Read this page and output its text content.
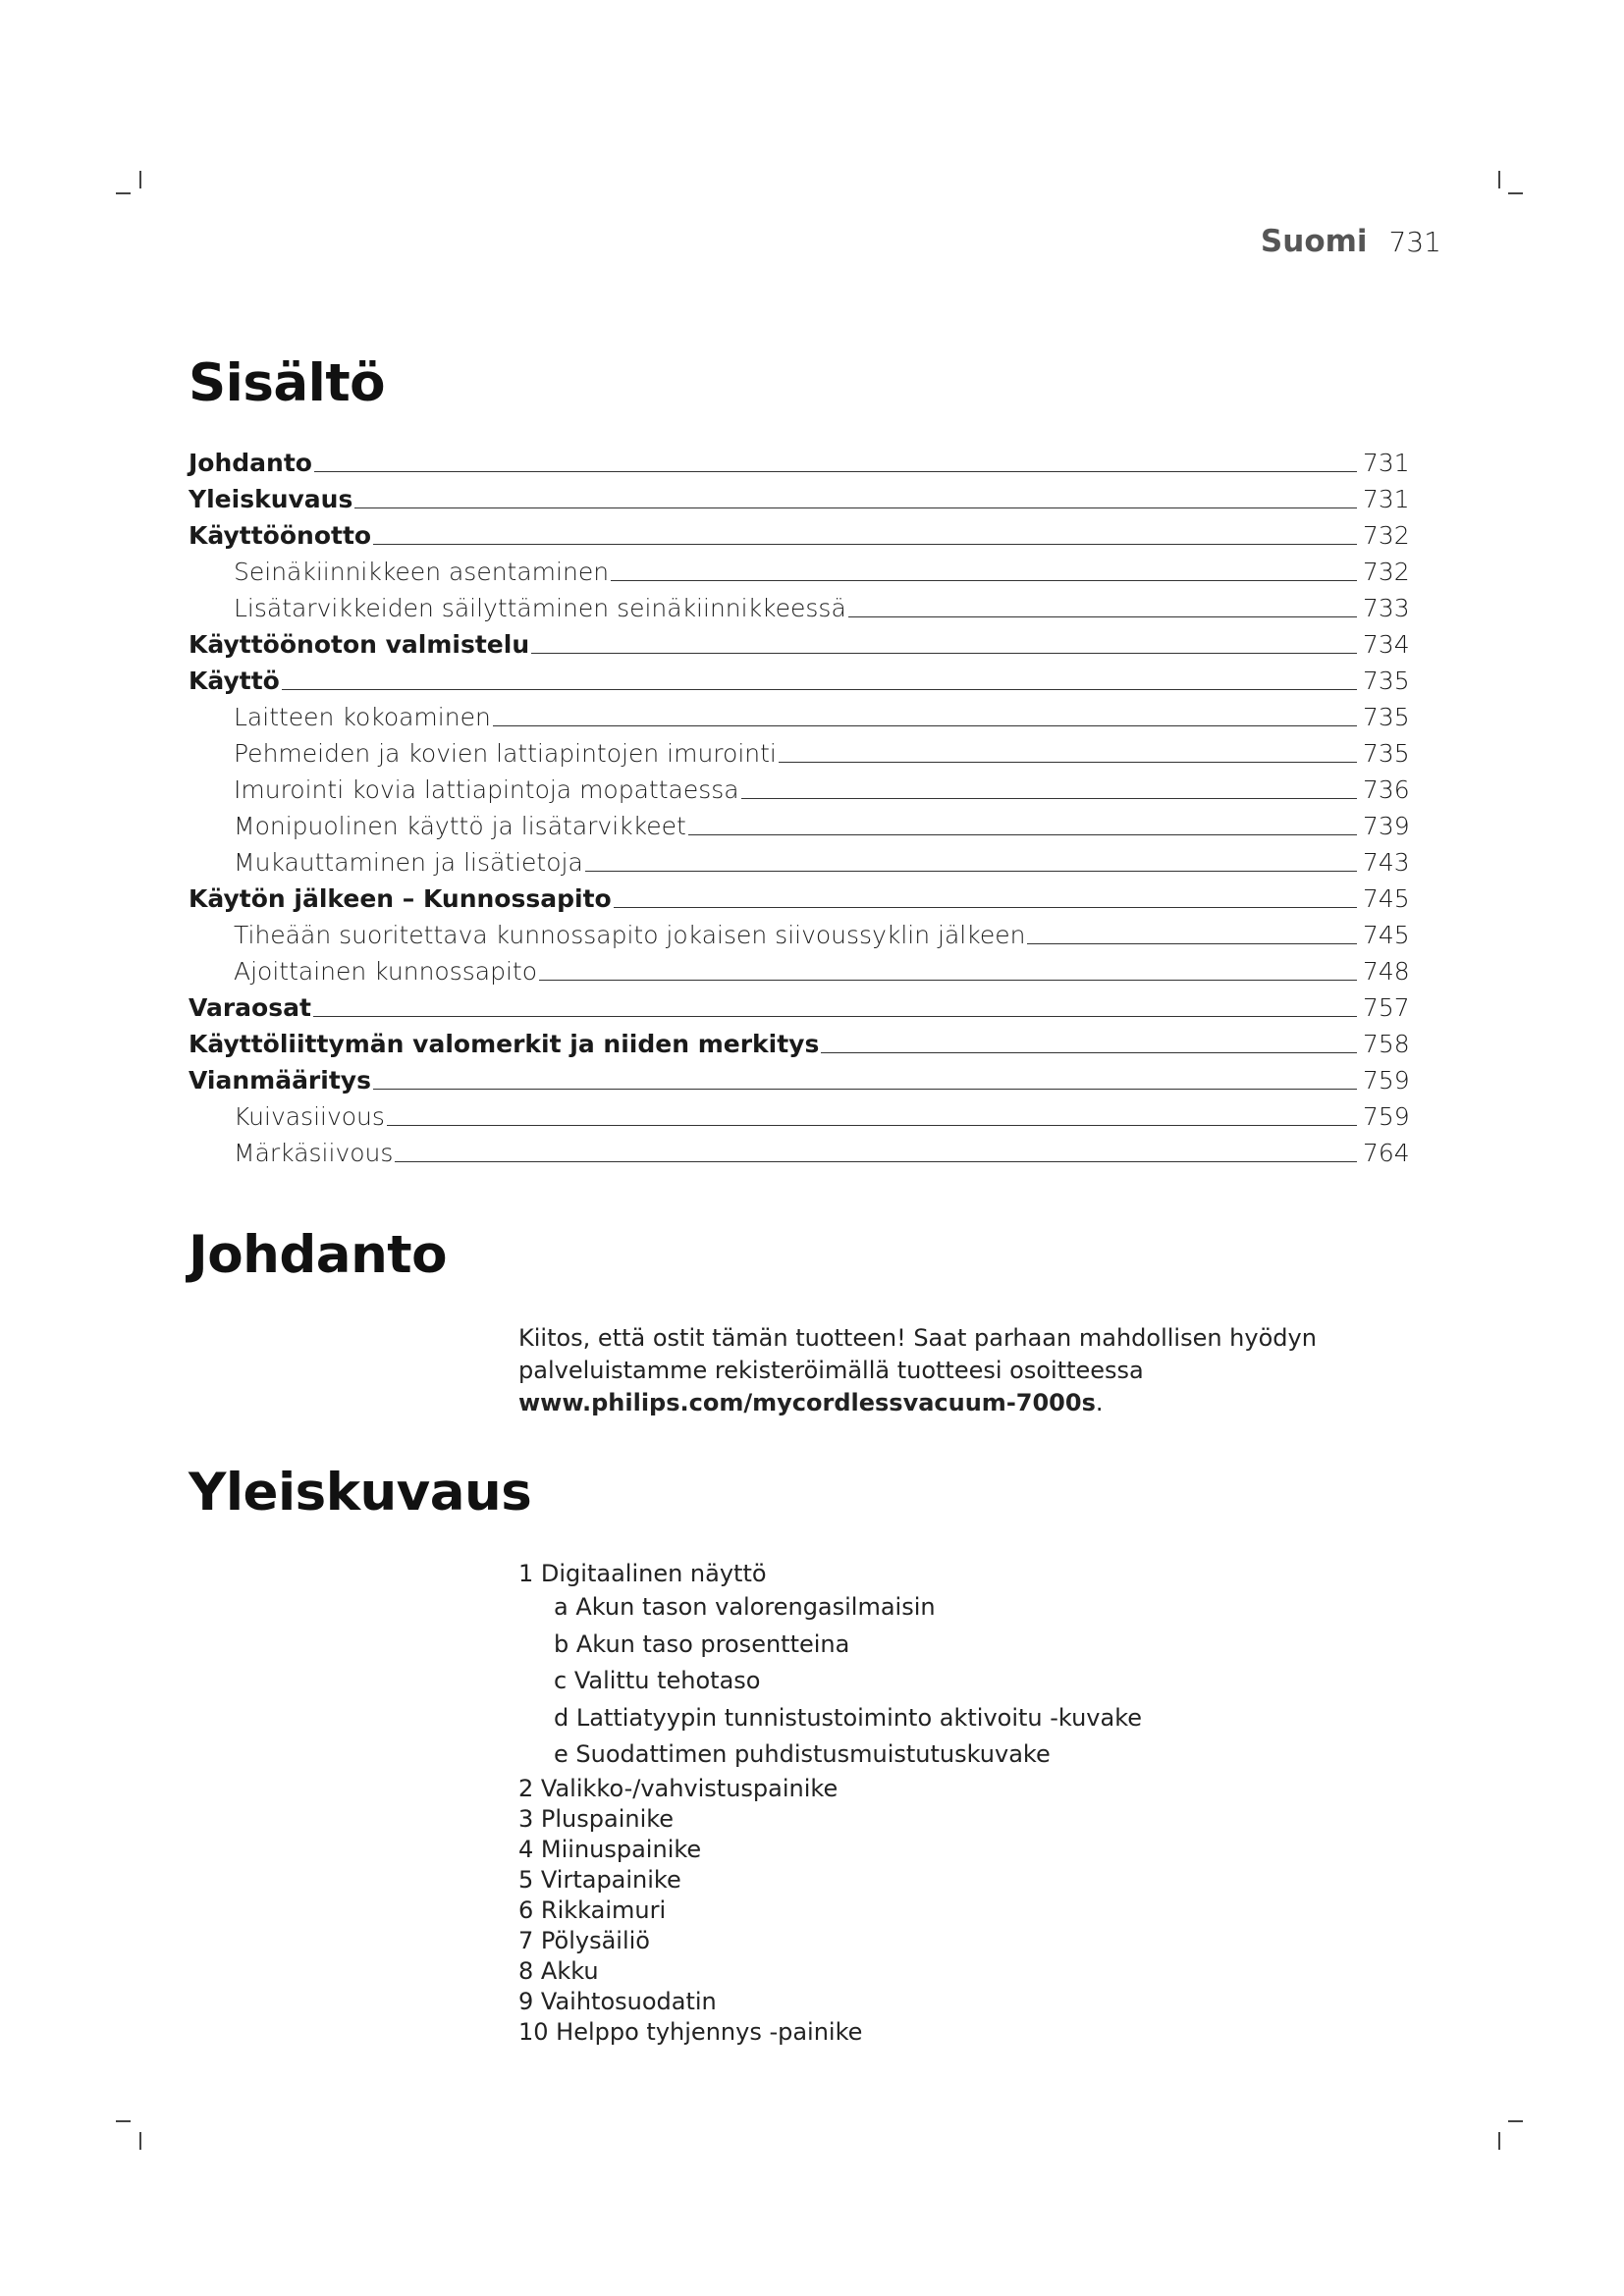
Suomi 731
Sisältö
Johdanto	731
Yleiskuvaus	731
Käyttöönotto	732
Seinäkiinnikkeen asentaminen	732
Lisätarvikkeiden säilyttäminen seinäkiinnikkeessä	733
Käyttöönoton valmistelu	734
Käyttö	735
Laitteen kokoaminen	735
Pehmeiden ja kovien lattiapintojen imurointi	735
Imurointi kovia lattiapintoja mopattaessa	736
Monipuolinen käyttö ja lisätarvikkeet	739
Mukauttaminen ja lisätietoja	743
Käytön jälkeen – Kunnossapito	745
Tiheään suoritettava kunnossapito jokaisen siivoussyklin jälkeen	745
Ajoittainen kunnossapito	748
Varaosat	757
Käyttöliittymän valomerkit ja niiden merkitys	758
Vianmääritys	759
Kuivasiivous	759
Märkäsiivous	764
Johdanto
Kiitos, että ostit tämän tuotteen! Saat parhaan mahdollisen hyödyn palveluistamme rekisteröimällä tuotteesi osoitteessa www.philips.com/mycordlessvacuum-7000s.
Yleiskuvaus
1 Digitaalinen näyttö
a Akun tason valorengasilmaisin
b Akun taso prosentteina
c Valittu tehotaso
d Lattiatyypin tunnistustoiminto aktivoitu -kuvake
e Suodattimen puhdistusmuistutuskuvake
2 Valikko-/vahvistuspainike
3 Pluspainike
4 Miinuspainike
5 Virtapainike
6 Rikkaimuri
7 Pölysäiliö
8 Akku
9 Vaihtosuodatin
10 Helppo tyhjennys -painike
